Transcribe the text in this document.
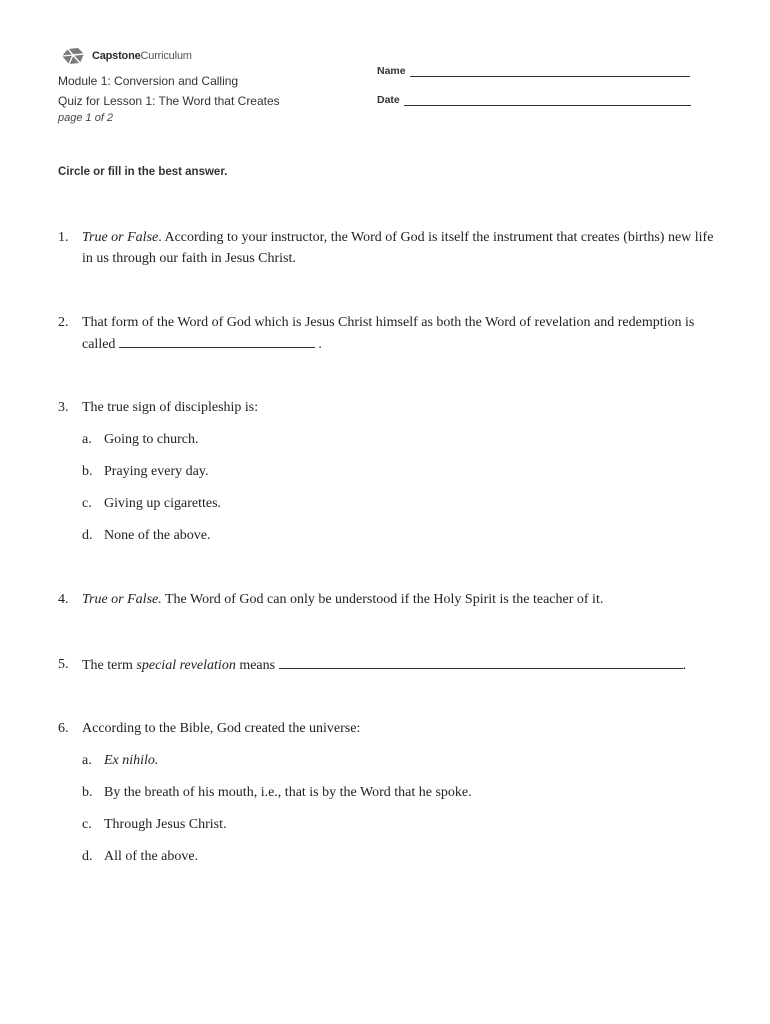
CapstoneCurriculum
Module 1: Conversion and Calling
Quiz for Lesson 1: The Word that Creates
page 1 of 2
Name
Date
Circle or fill in the best answer.
1. True or False. According to your instructor, the Word of God is itself the instrument that creates (births) new life in us through our faith in Jesus Christ.
2. That form of the Word of God which is Jesus Christ himself as both the Word of revelation and redemption is called	.
3. The true sign of discipleship is:
a. Going to church.
b. Praying every day.
c. Giving up cigarettes.
d. None of the above.
4. True or False. The Word of God can only be understood if the Holy Spirit is the teacher of it.
5. The term special revelation means	.
6. According to the Bible, God created the universe:
a. Ex nihilo.
b. By the breath of his mouth, i.e., that is by the Word that he spoke.
c. Through Jesus Christ.
d. All of the above.
